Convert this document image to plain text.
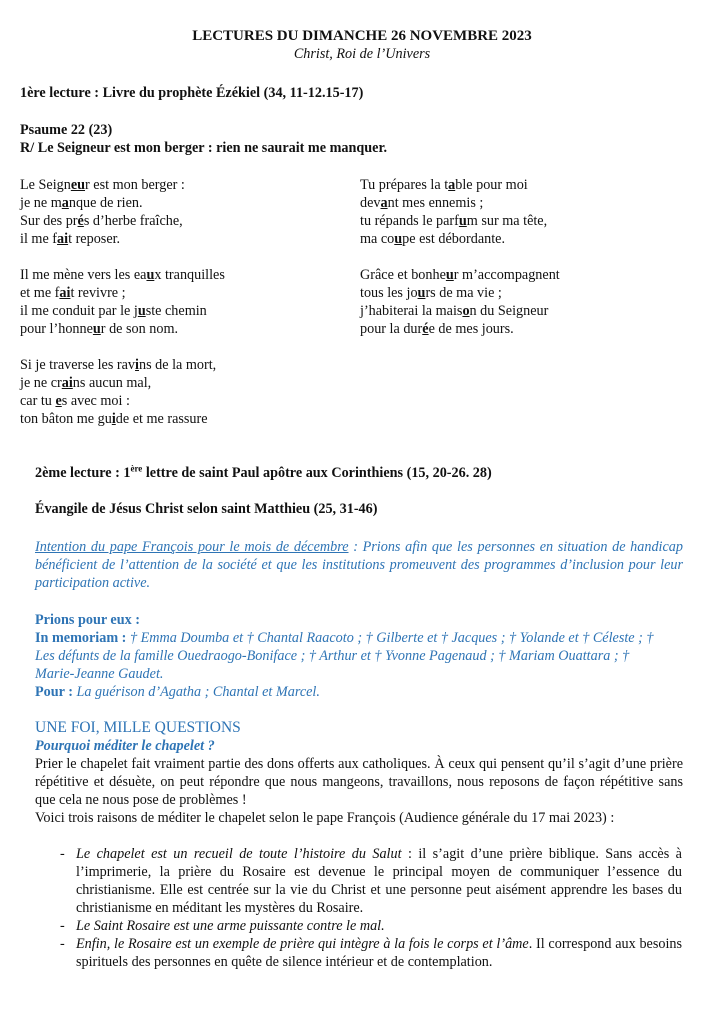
LECTURES DU DIMANCHE 26 NOVEMBRE 2023
Christ, Roi de l’Univers
1ère lecture : Livre du prophète Ézékiel (34, 11-12.15-17)
Psaume 22 (23)
R/ Le Seigneur est mon berger : rien ne saurait me manquer.
Le Seigneur est mon berger :
je ne manque de rien.
Sur des prés d’herbe fraîche,
il me fait reposer.
Il me mène vers les eaux tranquilles
et me fait revivre ;
il me conduit par le juste chemin
pour l’honneur de son nom.
Si je traverse les ravins de la mort,
je ne crains aucun mal,
car tu es avec moi :
ton bâton me guide et me rassure
Tu prépares la table pour moi
devant mes ennemis ;
tu répands le parfum sur ma tête,
ma coupe est débordante.
Grâce et bonheur m’accompagnent
tous les jours de ma vie ;
j’habiterai la maison du Seigneur
pour la durée de mes jours.
2ème lecture : 1ère lettre de saint Paul apôtre aux Corinthiens (15, 20-26. 28)
Évangile de Jésus Christ selon saint Matthieu (25, 31-46)
Intention du pape François pour le mois de décembre : Prions afin que les personnes en situation de handicap bénéficient de l’attention de la société et que les institutions promeuvent des programmes d’inclusion pour leur participation active.
Prions pour eux :
In memoriam : † Emma Doumba et † Chantal Raacoto ; † Gilberte et † Jacques ; † Yolande et † Céleste ; † Les défunts de la famille Ouedraogo-Boniface ; † Arthur et † Yvonne Pagenaud ; † Mariam Ouattara ; † Marie-Jeanne Gaudet.
Pour : La guérison d’Agatha ; Chantal et Marcel.
UNE FOI, MILLE QUESTIONS
Pourquoi méditer le chapelet ?
Prier le chapelet fait vraiment partie des dons offerts aux catholiques. À ceux qui pensent qu’il s’agit d’une prière répétitive et désuète, on peut répondre que nous mangeons, travaillons, nous reposons de façon répétitive sans que cela ne nous pose de problèmes !
Voici trois raisons de méditer le chapelet selon le pape François (Audience générale du 17 mai 2023) :
- Le chapelet est un recueil de toute l’histoire du Salut : il s’agit d’une prière biblique. Sans accès à l’imprimerie, la prière du Rosaire est devenue le principal moyen de communiquer l’essence du christianisme. Elle est centrée sur la vie du Christ et une personne peut aisément apprendre les bases du christianisme en méditant les mystères du Rosaire.
- Le Saint Rosaire est une arme puissante contre le mal.
- Enfin, le Rosaire est un exemple de prière qui intègre à la fois le corps et l’âme. Il correspond aux besoins spirituels des personnes en quête de silence intérieur et de contemplation.
